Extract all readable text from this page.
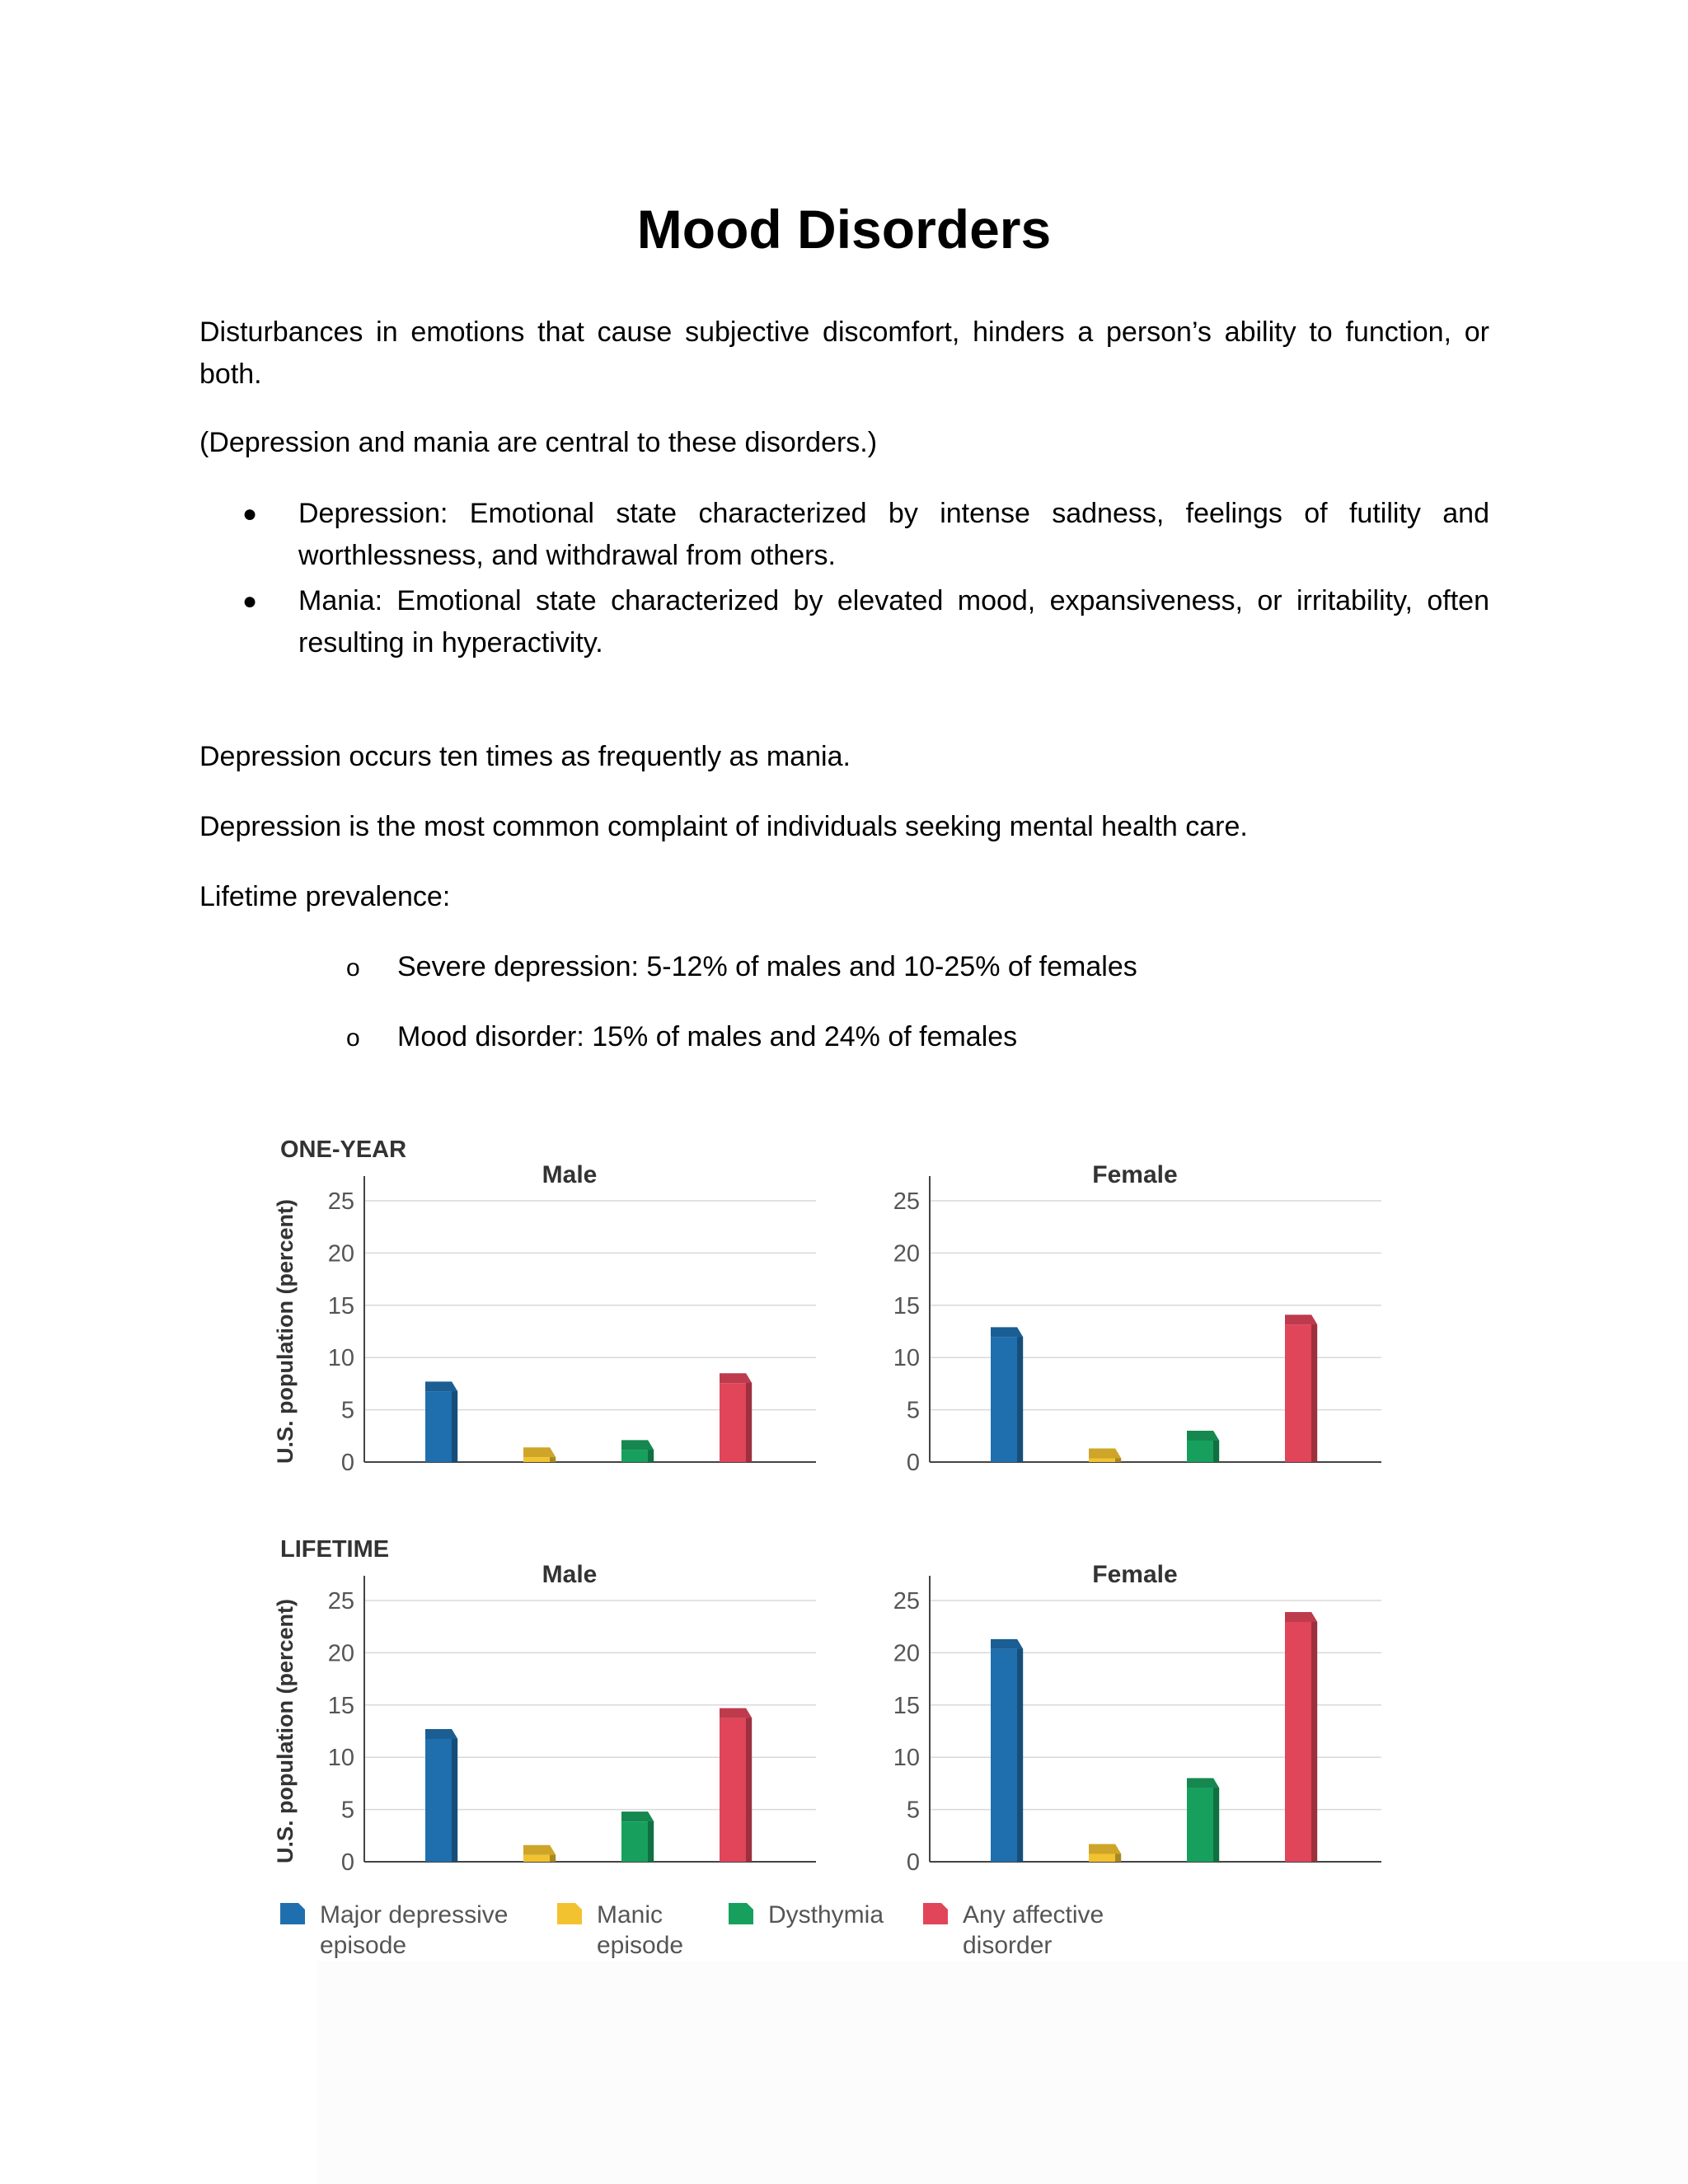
Mood Disorders

Disturbances in emotions that cause subjective discomfort, hinders a person’s ability to function, or both.

(Depression and mania are central to these disorders.)

● Depression: Emotional state characterized by intense sadness, feelings of futility and worthlessness, and withdrawal from others.
● Mania: Emotional state characterized by elevated mood, expansiveness, or irritability, often resulting in hyperactivity.

Depression occurs ten times as frequently as mania.

Depression is the most common complaint of individuals seeking mental health care.

Lifetime prevalence:

o Severe depression: 5-12% of males and 10-25% of females
o Mood disorder: 15% of males and 24% of females
ONE-YEAR
Male
U.S. population (percent) 0
5
10
15
20
25
Female
0
5
10
15
20
25
LIFETIME
Male
U.S. population (percent) 0
5
10
15
20
25
Female
0
5
10
15
20
25
Major depressive
episode
Manic
episode
Dysthymia	Any affective
disorder
